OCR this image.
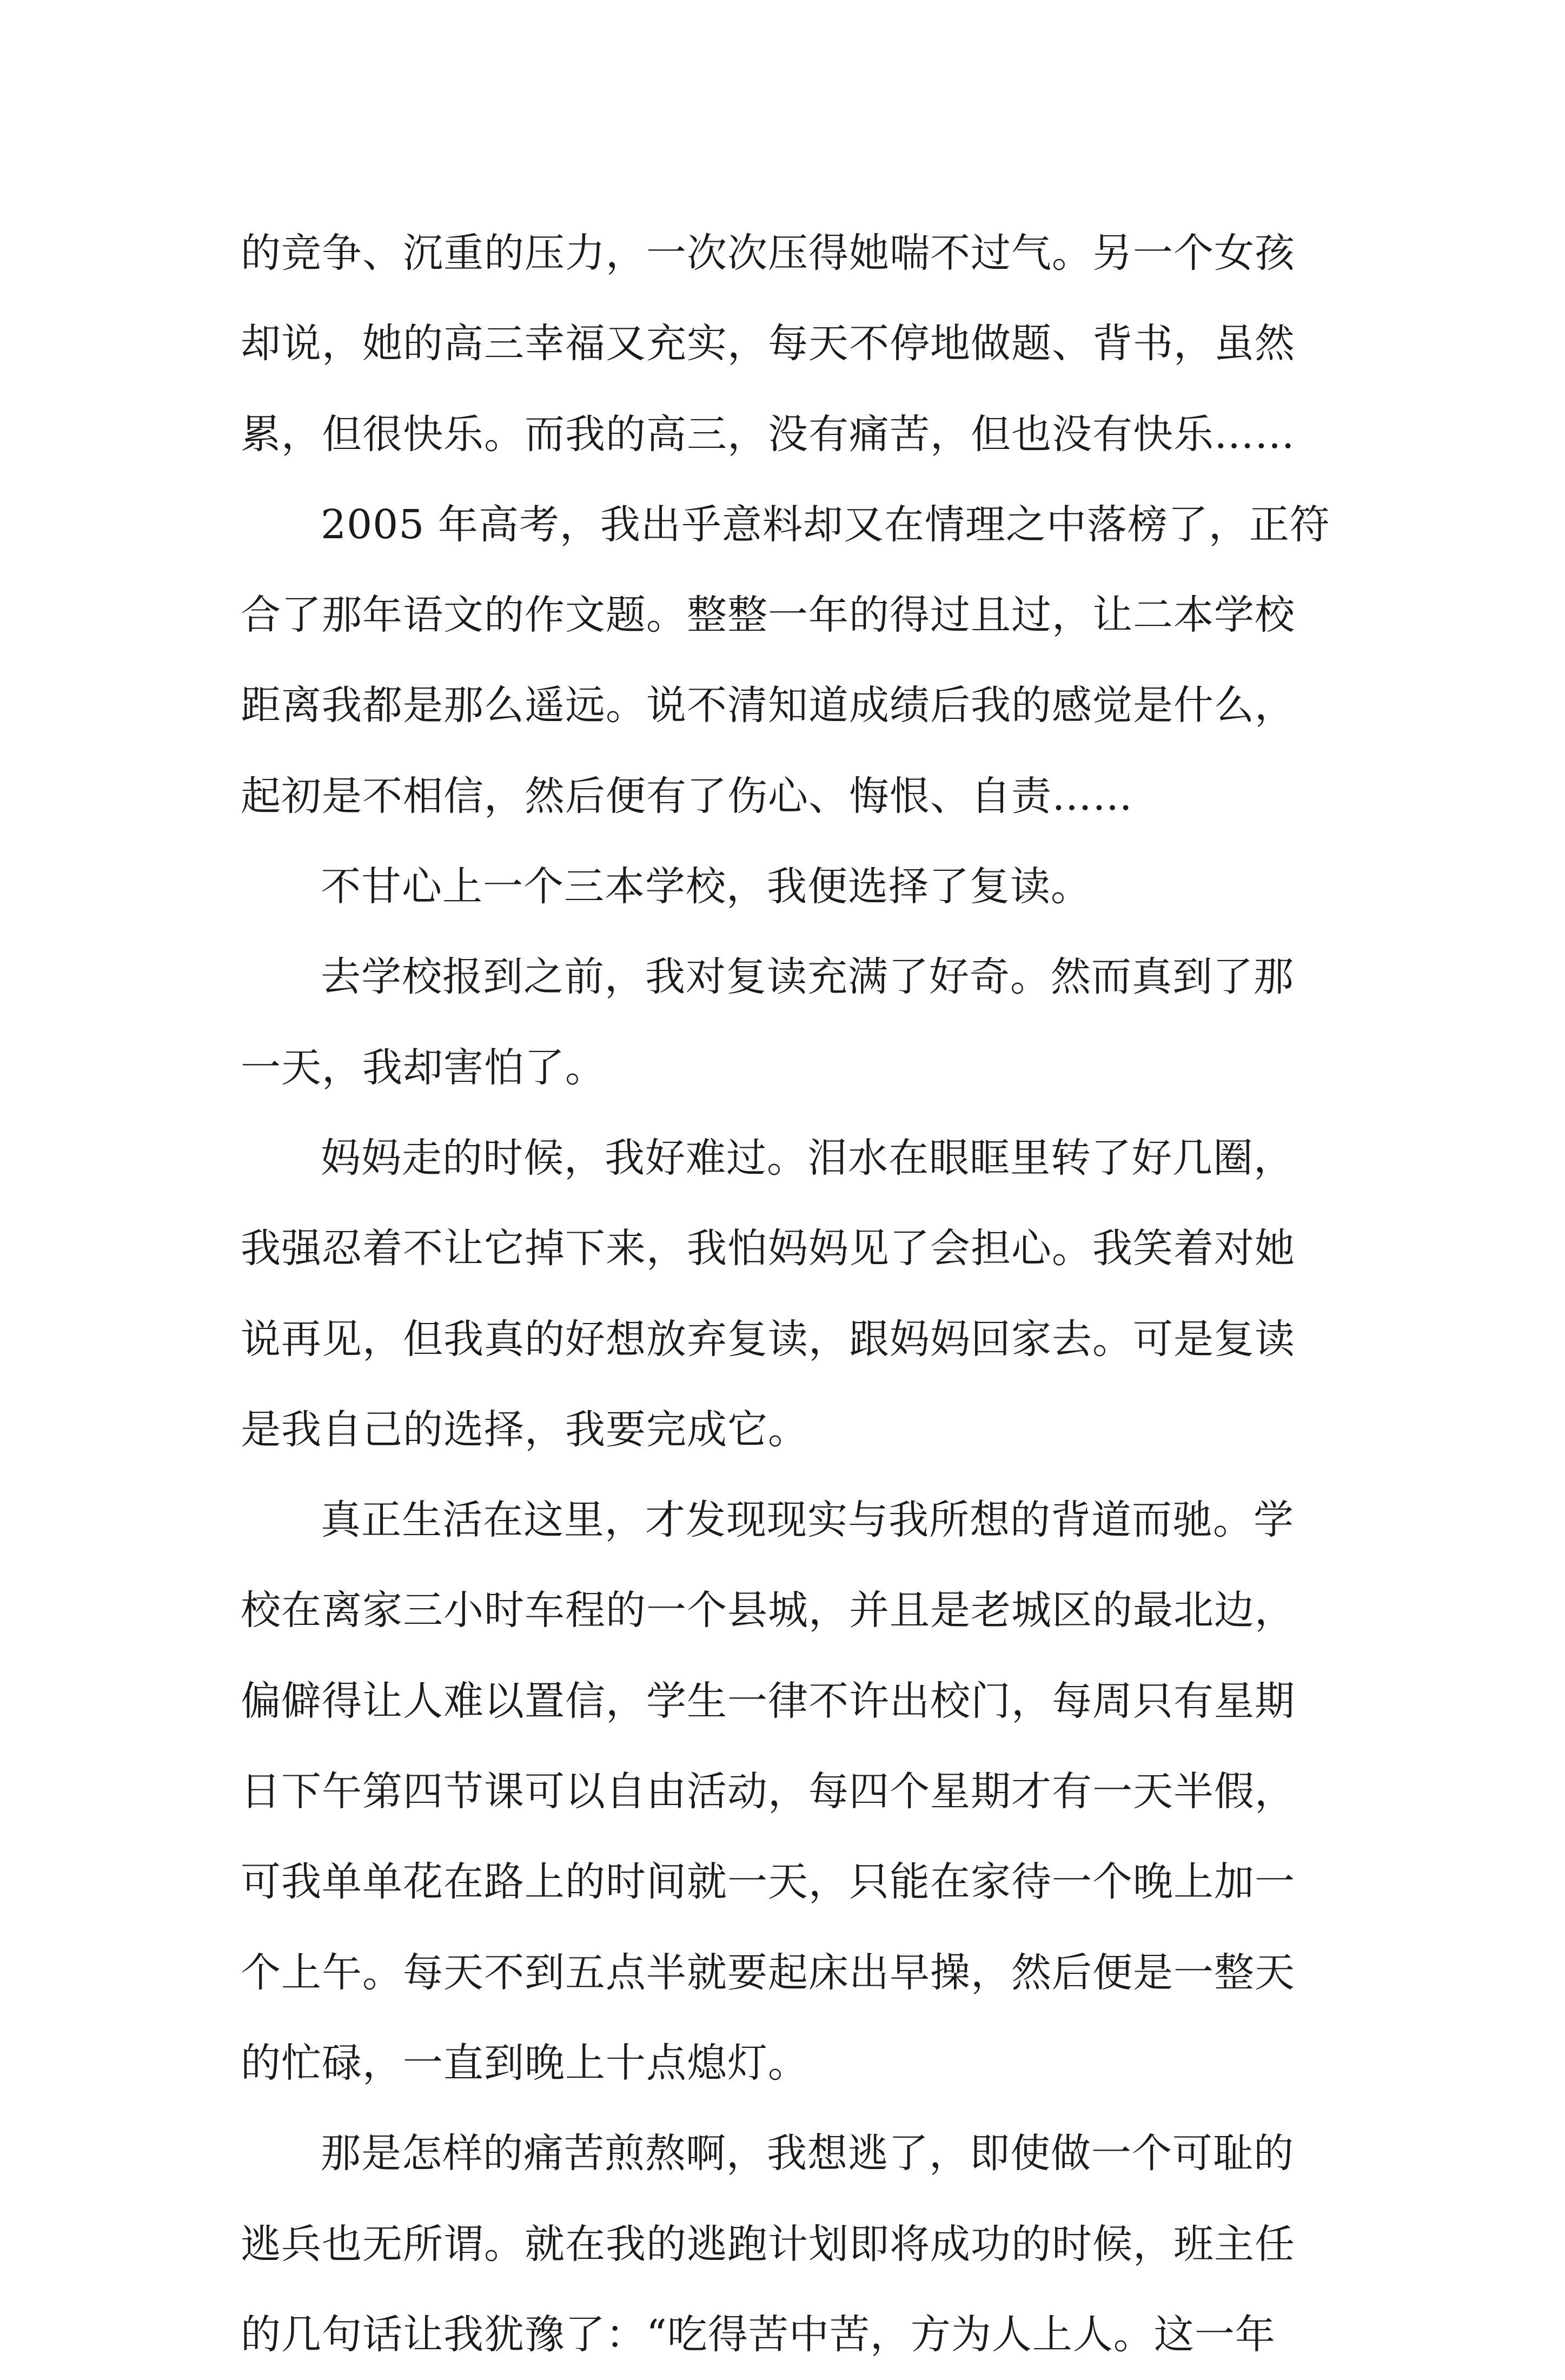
的竞争、沉重的压力，一次次压得她喘不过气。另一个女孩
却说，她的高三幸福又充实，每天不停地做题、背书，虽然
累，但很快乐。而我的高三，没有痛苦，但也没有快乐……
2005 年高考，我出乎意料却又在情理之中落榜了，正符
合了那年语文的作文题。整整一年的得过且过，让二本学校
距离我都是那么遥远。说不清知道成绩后我的感觉是什么，
起初是不相信，然后便有了伤心、悔恨、自责……
不甘心上一个三本学校，我便选择了复读。
去学校报到之前，我对复读充满了好奇。然而真到了那
一天，我却害怕了。
妈妈走的时候，我好难过。泪水在眼眶里转了好几圈，
我强忍着不让它掉下来，我怕妈妈见了会担心。我笑着对她
说再见，但我真的好想放弃复读，跟妈妈回家去。可是复读
是我自己的选择，我要完成它。
真正生活在这里，才发现现实与我所想的背道而驰。学
校在离家三小时车程的一个县城，并且是老城区的最北边，
偏僻得让人难以置信，学生一律不许出校门，每周只有星期
日下午第四节课可以自由活动，每四个星期才有一天半假，
可我单单花在路上的时间就一天，只能在家待一个晚上加一
个上午。每天不到五点半就要起床出早操，然后便是一整天
的忙碌，一直到晚上十点熄灯。
那是怎样的痛苦煎熬啊，我想逃了，即使做一个可耻的
逃兵也无所谓。就在我的逃跑计划即将成功的时候，班主任
的几句话让我犹豫了：“吃得苦中苦，方为人上人。这一年
